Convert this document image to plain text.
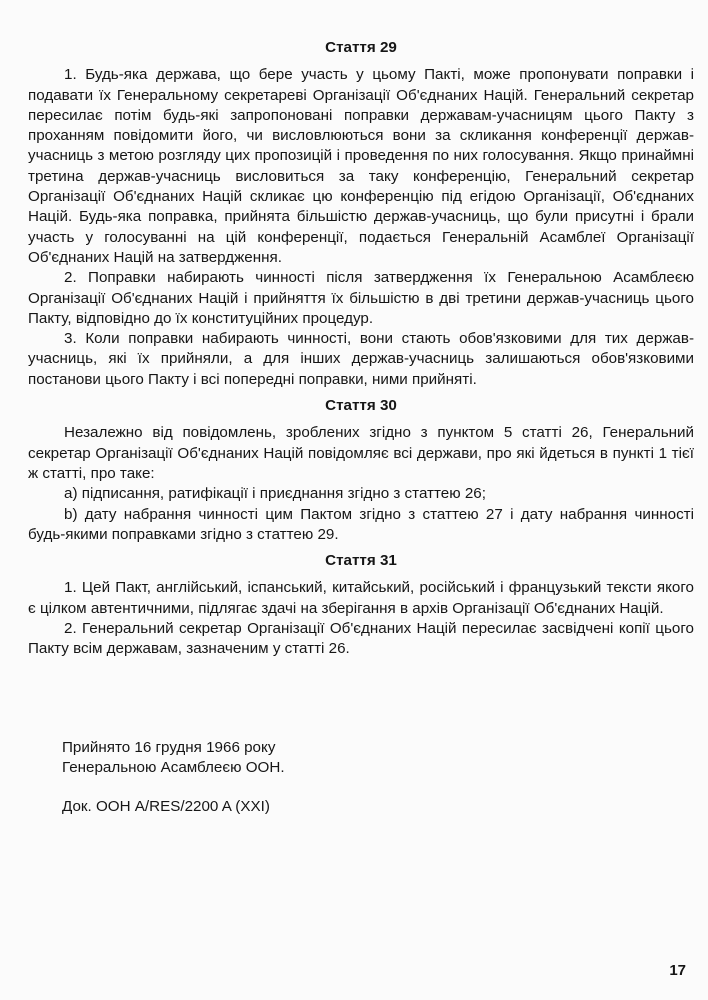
Стаття 29

1. Будь-яка держава, що бере участь у цьому Пакті, може пропонувати поправки і подавати їх Генеральному секретареві Організації Об'єднаних Націй. Генеральний секретар пересилає потім будь-які запропоновані поправки державам-учасницям цього Пакту з проханням повідомити його, чи висловлюються вони за скликання конференції держав-учасниць з метою розгляду цих пропозицій і проведення по них голосування. Якщо принаймні третина держав-учасниць висловиться за таку конференцію, Генеральний секретар Організації Об'єднаних Націй скликає цю конференцію під егідою Організації, Об'єднаних Націй. Будь-яка поправка, прийнята більшістю держав-учасниць, що були присутні і брали участь у голосуванні на цій конференції, подається Генеральній Асамблеї Організації Об'єднаних Націй на затвердження.

2. Поправки набирають чинності після затвердження їх Генеральною Асамблеєю Організації Об'єднаних Націй і прийняття їх більшістю в дві третини держав-учасниць цього Пакту, відповідно до їх конституційних процедур.

3. Коли поправки набирають чинності, вони стають обов'язковими для тих держав-учасниць, які їх прийняли, а для інших держав-учасниць залишаються обов'язковими постанови цього Пакту і всі попередні поправки, ними прийняті.

Стаття 30

Незалежно від повідомлень, зроблених згідно з пунктом 5 статті 26, Генеральний секретар Організації Об'єднаних Націй повідомляє всі держави, про які йдеться в пункті 1 тієї ж статті, про таке:

a) підписання, ратифікації і приєднання згідно з статтею 26;

b) дату набрання чинності цим Пактом згідно з статтею 27 і дату набрання чинності будь-якими поправками згідно з статтею 29.

Стаття 31

1. Цей Пакт, англійський, іспанський, китайський, російський і французький тексти якого є цілком автентичними, підлягає здачі на зберігання в архів Організації Об'єднаних Націй.

2. Генеральний секретар Організації Об'єднаних Націй пересилає засвідчені копії цього Пакту всім державам, зазначеним у статті 26.

Прийнято 16 грудня 1966 року
Генеральною Асамблеєю ООН.
Док. ООН A/RES/2200 A (XXI)
17
